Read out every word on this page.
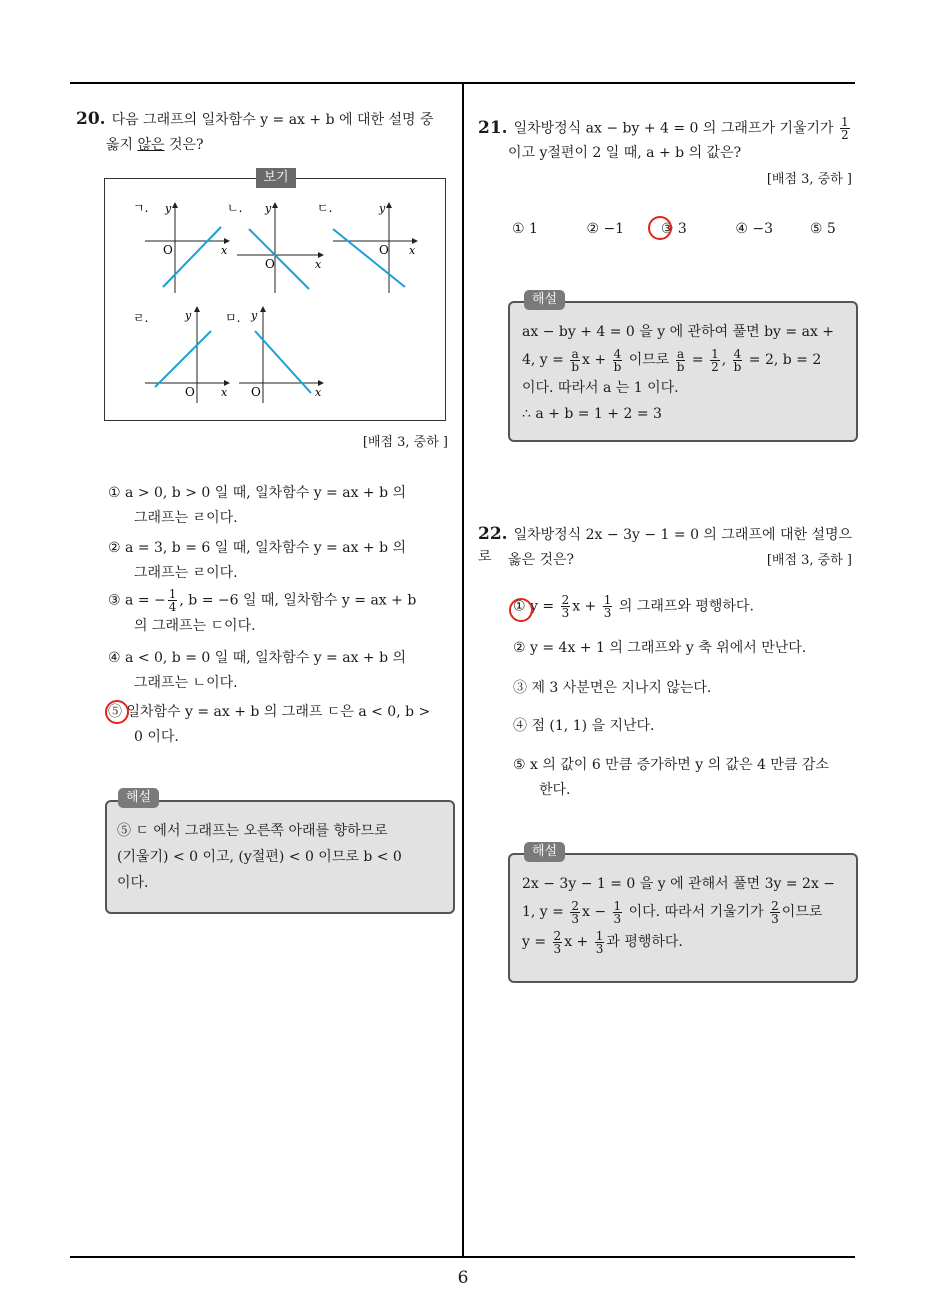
6
20. 다음 그래프의 일차함수 y = ax + b 에 대한 설명 중
옳지 않은 것은?
ㄱ. y
x
O
ㄴ. y
x
O
ㄷ.	y
x
O
ㄹ.	y
x
O
ㅁ. y
x
O
보기
[배점 3, 중하 ]
① a > 0, b > 0 일 때, 일차함수 y = ax + b 의
그래프는 ㄹ이다.
② a = 3, b = 6 일 때, 일차함수 y = ax + b 의
그래프는 ㄹ이다.
③ a = − $\frac{1}{4}$ , b = −6 일 때, 일차함수 y = ax + b
의 그래프는 ㄷ이다.
④ a < 0, b = 0 일 때, 일차함수 y = ax + b 의
그래프는 ㄴ이다.
⑤ 일차함수 y = ax + b 의 그래프 ㄷ은 a < 0, b >
0 이다.
⑤ ㄷ 에서 그래프는 오른쪽 아래를 향하므로
(기울기) < 0 이고, (y절편) < 0 이므로 b < 0
이다.
해설
21. 일차방정식 ax − by + 4 = 0 의 그래프가 기울기가 $\frac{1}{2}$
이고 y절편이 2 일 때, a + b 의 값은?
[배점 3, 중하 ]
① 1	② −1	③ 3	④ −3	⑤ 5
ax − by + 4 = 0 을 y 에 관하여 풀면 by = ax +
4, $y = \frac{a}{b}$ $x + \frac{4}{b}$ 이므로 $\frac{a}{b} = \frac{1}{2}$ , $\frac{4}{b} = 2$, b = 2
이다. 따라서 a 는 1 이다.
∴ a + b = 1 + 2 = 3
해설
22. 일차방정식 2x − 3y − 1 = 0 의 그래프에 대한 설명으로	옳은 것은?	[배점 3, 중하 ]
① $y = \frac{2}{3}$ $x + \frac{1}{3}$ 의 그래프와 평행하다.
② y = 4x + 1 의 그래프와 y 축 위에서 만난다.
③ 제 3 사분면은 지나지 않는다.
④ 점 (1, 1) 을 지난다.
⑤ x 의 값이 6 만큼 증가하면 y 의 값은 4 만큼 감소
한다.
2x − 3y − 1 = 0 을 y 에 관해서 풀면 3y = 2x −
1, $y = \frac{2}{3}$ $x - \frac{1}{3}$ 이다. 따라서 기울기가 $\frac{2}{3}$ 이므로
$y = \frac{2}{3}$ $x + \frac{1}{3}$ 과 평행하다.
해설
